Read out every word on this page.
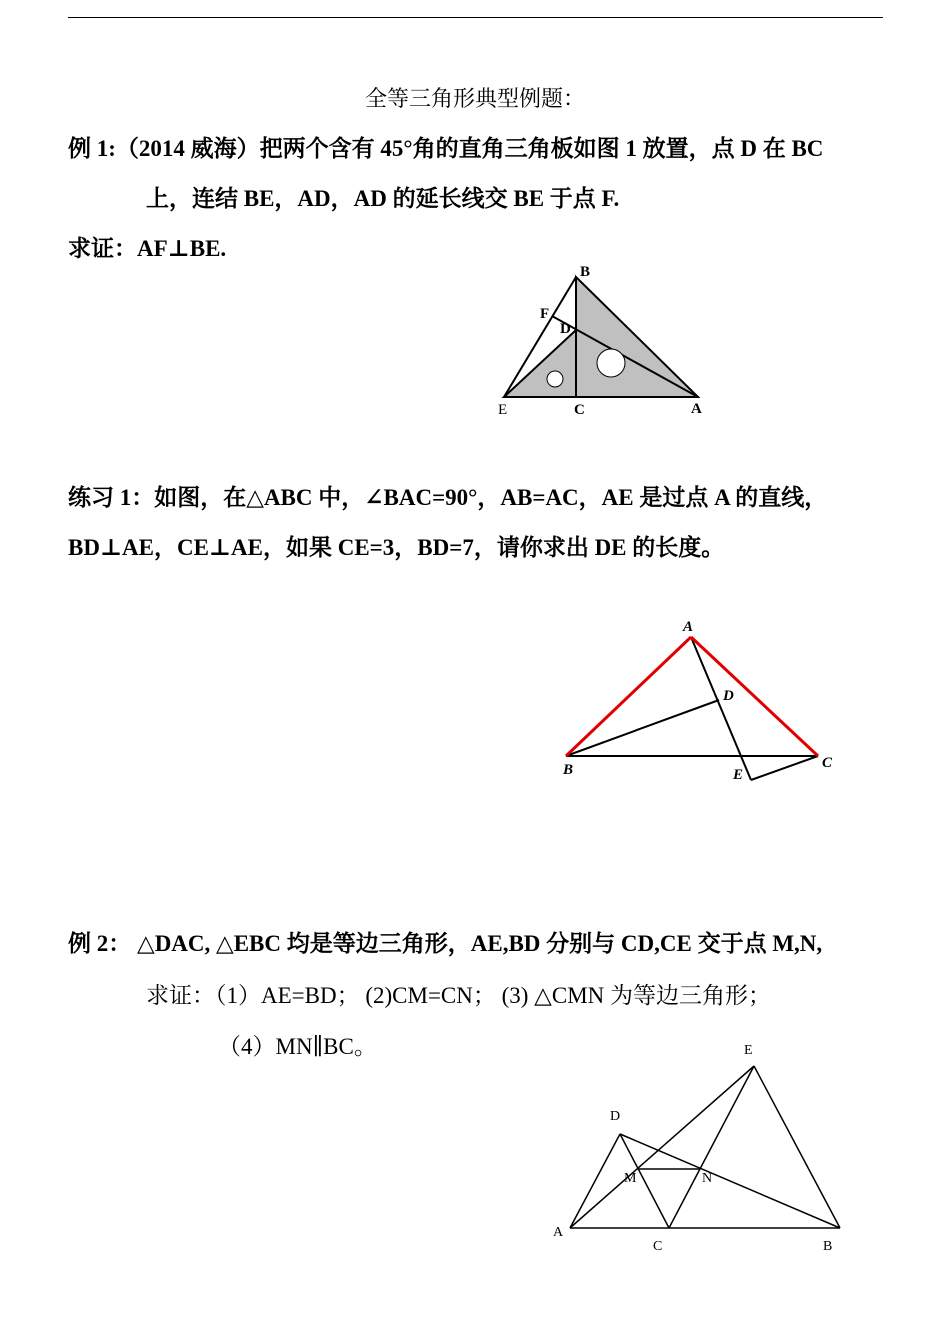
全等三角形典型例题：
例 1:（2014 威海）把两个含有 45°角的直角三角板如图 1 放置，点 D 在 BC
上，连结 BE，AD，AD 的延长线交 BE 于点 F.
求证：AF⊥BE.
B
F
D
E	C	A
练习 1：如图，在△ABC 中，∠BAC=90°，AB=AC，AE 是过点 A 的直线，
BD⊥AE，CE⊥AE，如果 CE=3，BD=7，请你求出 DE 的长度。
A
D
B	E
C
例 2： △DAC, △EBC 均是等边三角形，AE,BD 分别与 CD,CE 交于点 M,N,
求证：（1）AE=BD； (2)CM=CN； (3) △CMN 为等边三角形；
（4）MN∥BC。	E
D
M	N
A
C	B
